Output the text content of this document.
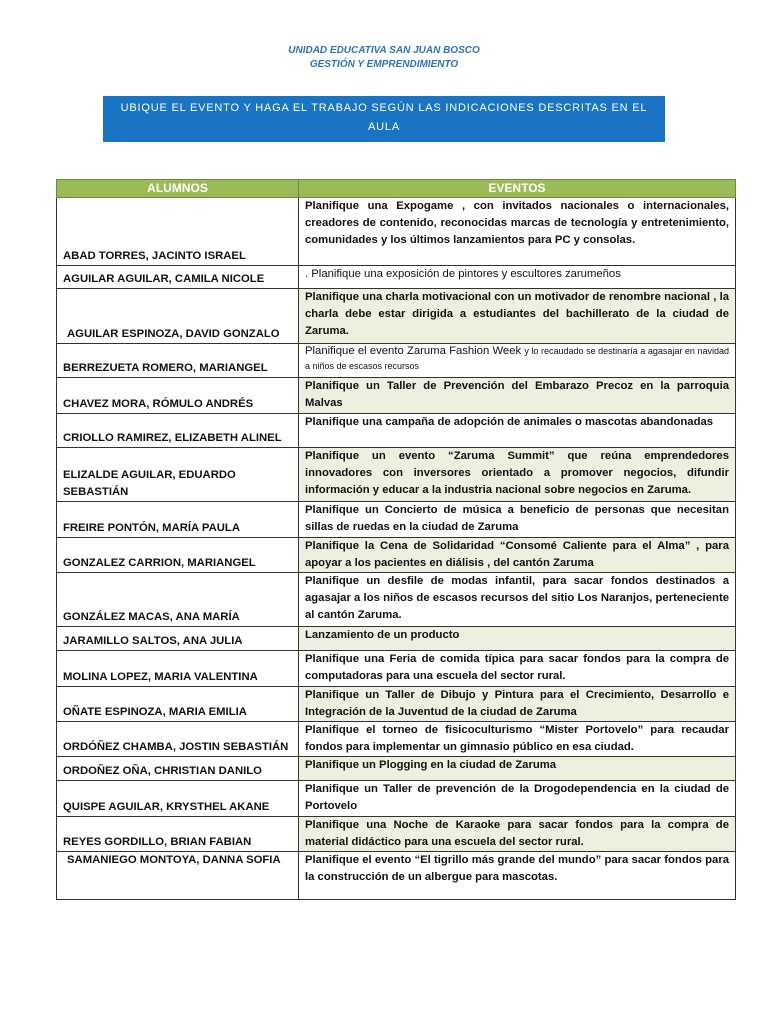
UNIDAD EDUCATIVA SAN JUAN BOSCO
GESTIÓN Y EMPRENDIMIENTO
UBIQUE EL EVENTO Y HAGA EL TRABAJO SEGÚN LAS INDICACIONES DESCRITAS EN EL AULA
ALUMNOS	EVENTOS
ABAD TORRES, JACINTO ISRAEL	Planifique una Expogame , con invitados nacionales o internacionales, creadores de contenido, reconocidas marcas de tecnología y entretenimiento, comunidades y los últimos lanzamientos para PC y consolas.
AGUILAR AGUILAR, CAMILA NICOLE	. Planifique una exposición de pintores y escultores zarumeños
AGUILAR ESPINOZA, DAVID GONZALO	Planifique una charla motivacional con un motivador de renombre nacional , la charla debe estar dirigida a estudiantes del bachillerato de la ciudad de Zaruma.
BERREZUETA ROMERO, MARIANGEL	Planifique el evento Zaruma Fashion Week y lo recaudado se destinaría a agasajar en navidad a niños de escasos recursos
CHAVEZ MORA, RÓMULO ANDRÉS	Planifique un Taller de Prevención del Embarazo Precoz en la parroquia Malvas
CRIOLLO RAMIREZ, ELIZABETH ALINEL	Planifique una campaña de adopción de animales o mascotas abandonadas
ELIZALDE AGUILAR, EDUARDO SEBASTIÁN	Planifique un evento “Zaruma Summit” que reúna emprendedores innovadores con inversores orientado a promover negocios, difundir información y educar a la industria nacional sobre negocios en Zaruma.
FREIRE PONTÓN, MARÍA PAULA	Planifique un Concierto de música a beneficio de personas que necesitan sillas de ruedas en la ciudad de Zaruma
GONZALEZ CARRION, MARIANGEL	Planifique la Cena de Solidaridad “Consomé Caliente para el Alma” , para apoyar a los pacientes en diálisis , del cantón Zaruma
GONZÁLEZ MACAS, ANA MARÍA	Planifique un desfile de modas infantil, para sacar fondos destinados a agasajar a los niños de escasos recursos del sitio Los Naranjos, perteneciente al cantón Zaruma.
JARAMILLO SALTOS, ANA JULIA	Lanzamiento de un producto
MOLINA LOPEZ, MARIA VALENTINA	Planifique una Feria de comida típica para sacar fondos para la compra de computadoras para una escuela del sector rural.
OÑATE ESPINOZA, MARIA EMILIA	Planifique un Taller de Dibujo y Pintura para el Crecimiento, Desarrollo e Integración de la Juventud de la ciudad de Zaruma
ORDÓÑEZ CHAMBA, JOSTIN SEBASTIÁN	Planifique el torneo de fisicoculturismo “Mister Portovelo” para recaudar fondos para implementar un gimnasio público en esa ciudad.
ORDOÑEZ OÑA, CHRISTIAN DANILO	Planifique un Plogging en la ciudad de Zaruma
QUISPE AGUILAR, KRYSTHEL AKANE	Planifique un Taller de prevención de la Drogodependencia en la ciudad de Portovelo
REYES GORDILLO, BRIAN FABIAN	Planifique una Noche de Karaoke para sacar fondos para la compra de material didáctico para una escuela del sector rural.
SAMANIEGO MONTOYA, DANNA SOFIA	Planifique el evento “El tigrillo más grande del mundo” para sacar fondos para la construcción de un albergue para mascotas.
